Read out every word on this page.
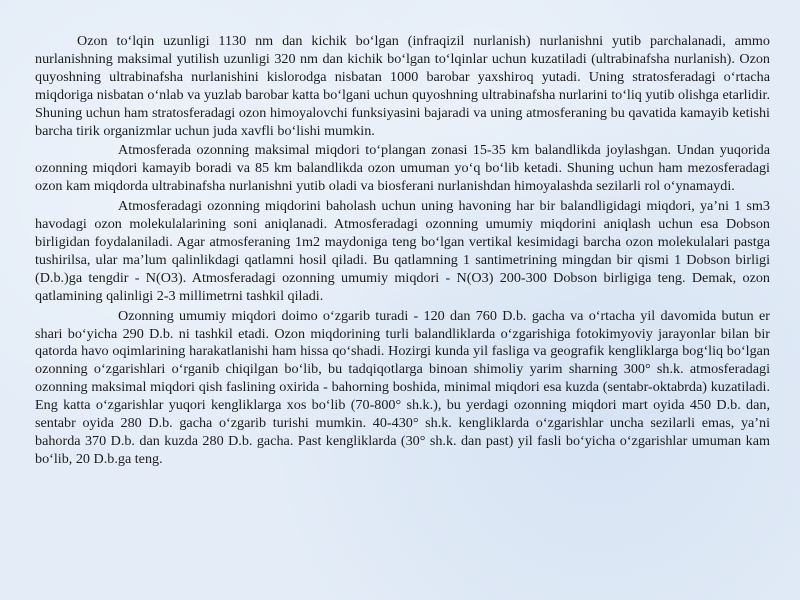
Ozon to‘lqin uzunligi 1130 nm dan kichik bo‘lgan (infraqizil nurlanish) nurlanishni yutib parchalanadi, ammo nurlanishning maksimal yutilish uzunligi 320 nm dan kichik bo‘lgan to‘lqinlar uchun kuzatiladi (ultrabinafsha nurlanish). Ozon quyoshning ultrabinafsha nurlanishini kislorodga nisbatan 1000 barobar yaxshiroq yutadi. Uning stratosferadagi o‘rtacha miqdoriga nisbatan o‘nlab va yuzlab barobar katta bo‘lgani uchun quyoshning ultrabinafsha nurlarini to‘liq yutib olishga etarlidir. Shuning uchun ham stratosferadagi ozon himoyalovchi funksiyasini bajaradi va uning atmosferaning bu qavatida kamayib ketishi barcha tirik organizmlar uchun juda xavfli bo‘lishi mumkin.

Atmosferada ozonning maksimal miqdori to‘plangan zonasi 15-35 km balandlikda joylashgan. Undan yuqorida ozonning miqdori kamayib boradi va 85 km balandlikda ozon umuman yo‘q bo‘lib ketadi. Shuning uchun ham mezosferadagi ozon kam miqdorda ultrabinafsha nurlanishni yutib oladi va biosferani nurlanishdan himoyalashda sezilarli rol o‘ynamaydi.

Atmosferadagi ozonning miqdorini baholash uchun uning havoning har bir balandligidagi miqdori, ya’ni 1 sm3 havodagi ozon molekulalarining soni aniqlanadi. Atmosferadagi ozonning umumiy miqdorini aniqlash uchun esa Dobson birligidan foydalaniladi. Agar atmosferaning 1m2 maydoniga teng bo‘lgan vertikal kesimidagi barcha ozon molekulalari pastga tushirilsa, ular ma’lum qalinlikdagi qatlamni hosil qiladi. Bu qatlamning 1 santimetrining mingdan bir qismi 1 Dobson birligi (D.b.)ga tengdir - N(O3). Atmosferadagi ozonning umumiy miqdori - N(O3) 200-300 Dobson birligiga teng. Demak, ozon qatlamining qalinligi 2-3 millimetrni tashkil qiladi.

Ozonning umumiy miqdori doimo o‘zgarib turadi - 120 dan 760 D.b. gacha va o‘rtacha yil davomida butun er shari bo‘yicha 290 D.b. ni tashkil etadi. Ozon miqdorining turli balandliklarda o‘zgarishiga fotokimyoviy jarayonlar bilan bir qatorda havo oqimlarining harakatlanishi ham hissa qo‘shadi. Hozirgi kunda yil fasliga va geografik kengliklarga bog‘liq bo‘lgan ozonning o‘zgarishlari o‘rganib chiqilgan bo‘lib, bu tadqiqotlarga binoan shimoliy yarim sharning 300° sh.k. atmosferadagi ozonning maksimal miqdori qish faslining oxirida - bahorning boshida, minimal miqdori esa kuzda (sentabr-oktabrda) kuzatiladi. Eng katta o‘zgarishlar yuqori kengliklarga xos bo‘lib (70-800° sh.k.), bu yerdagi ozonning miqdori mart oyida 450 D.b. dan, sentabr oyida 280 D.b. gacha o‘zgarib turishi mumkin. 40-430° sh.k. kengliklarda o‘zgarishlar uncha sezilarli emas, ya’ni bahorda 370 D.b. dan kuzda 280 D.b. gacha. Past kengliklarda (30° sh.k. dan past) yil fasli bo‘yicha o‘zgarishlar umuman kam bo‘lib, 20 D.b.ga teng.
